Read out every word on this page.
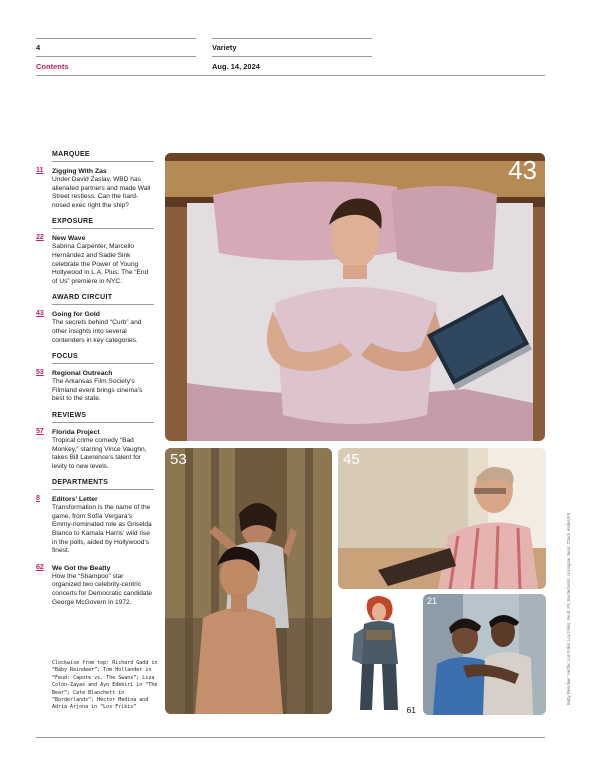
4	Variety
Contents	Aug. 14, 2024
MARQUEE
11 Zigging With Zas
Under David Zaslav, WBD has alienated partners and made Wall Street restless. Can the hard-nosed exec right the ship?
EXPOSURE
22 New Wave
Sabrina Carpenter, Marcello Hernández and Sadie Sink celebrate the Power of Young Hollywood in L.A. Plus: The “End of Us” premiere in NYC.
AWARD CIRCUIT
43 Going for Gold
The secrets behind “Curb” and other insights into several contenders in key categories.
FOCUS
53 Regional Outreach
The Arkansas Film Society’s Filmland event brings cinema’s best to the state.
REVIEWS
57 Florida Project
Tropical crime comedy “Bad Monkey,” starring Vince Vaughn, takes Bill Lawrence’s talent for levity to new levels.
DEPARTMENTS
8 Editors’ Letter
Transformation is the name of the game, from Sofía Vergara’s Emmy-nominated role as Griselda Blanco to Kamala Harris’ wild rise in the polls, aided by Hollywood’s finest.
62 We Got the Beatty
How the “Shampoo” star organized two celebrity-centric concerts for Democratic candidate George McGovern in 1972.
Clockwise from top: Richard Gadd in “Baby Reindeer”; Tom Hollander in “Feud: Capote vs. The Swans”; Liza Colón-Zayas and Ayo Edebiri in “The Bear”; Cate Blanchett in “Borderlands”; Héctor Medina and Adria Arjona in “Los Frikis”
43
53	45
61
21	Baby Reindeer: Netflix; Los Frikis: Los Frikis; Feud: FX; Borderlands: Lionsgate; Bear: Chuck Hodes/FX
